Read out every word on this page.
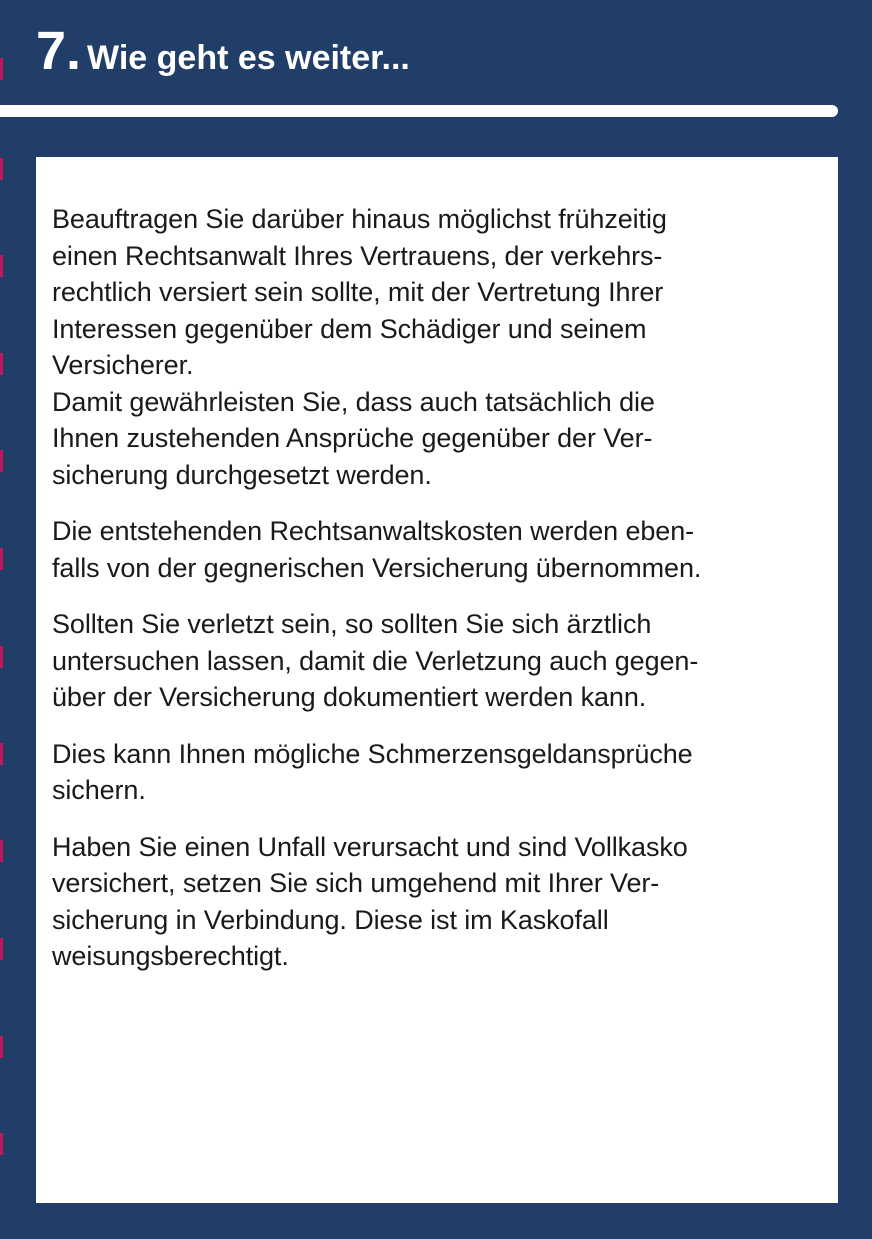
7. Wie geht es weiter...

Beauftragen Sie darüber hinaus möglichst frühzeitig
einen Rechtsanwalt Ihres Vertrauens, der verkehrs-
rechtlich versiert sein sollte, mit der Vertretung Ihrer
Interessen gegenüber dem Schädiger und seinem
Versicherer.
Damit gewährleisten Sie, dass auch tatsächlich die
Ihnen zustehenden Ansprüche gegenüber der Ver-
sicherung durchgesetzt werden.

Die entstehenden Rechtsanwaltskosten werden eben-
falls von der gegnerischen Versicherung übernommen.

Sollten Sie verletzt sein, so sollten Sie sich ärztlich
untersuchen lassen, damit die Verletzung auch gegen-
über der Versicherung dokumentiert werden kann.

Dies kann Ihnen mögliche Schmerzensgeldansprüche
sichern.

Haben Sie einen Unfall verursacht und sind Vollkasko
versichert, setzen Sie sich umgehend mit Ihrer Ver-
sicherung in Verbindung. Diese ist im Kaskofall
weisungsberechtigt.
